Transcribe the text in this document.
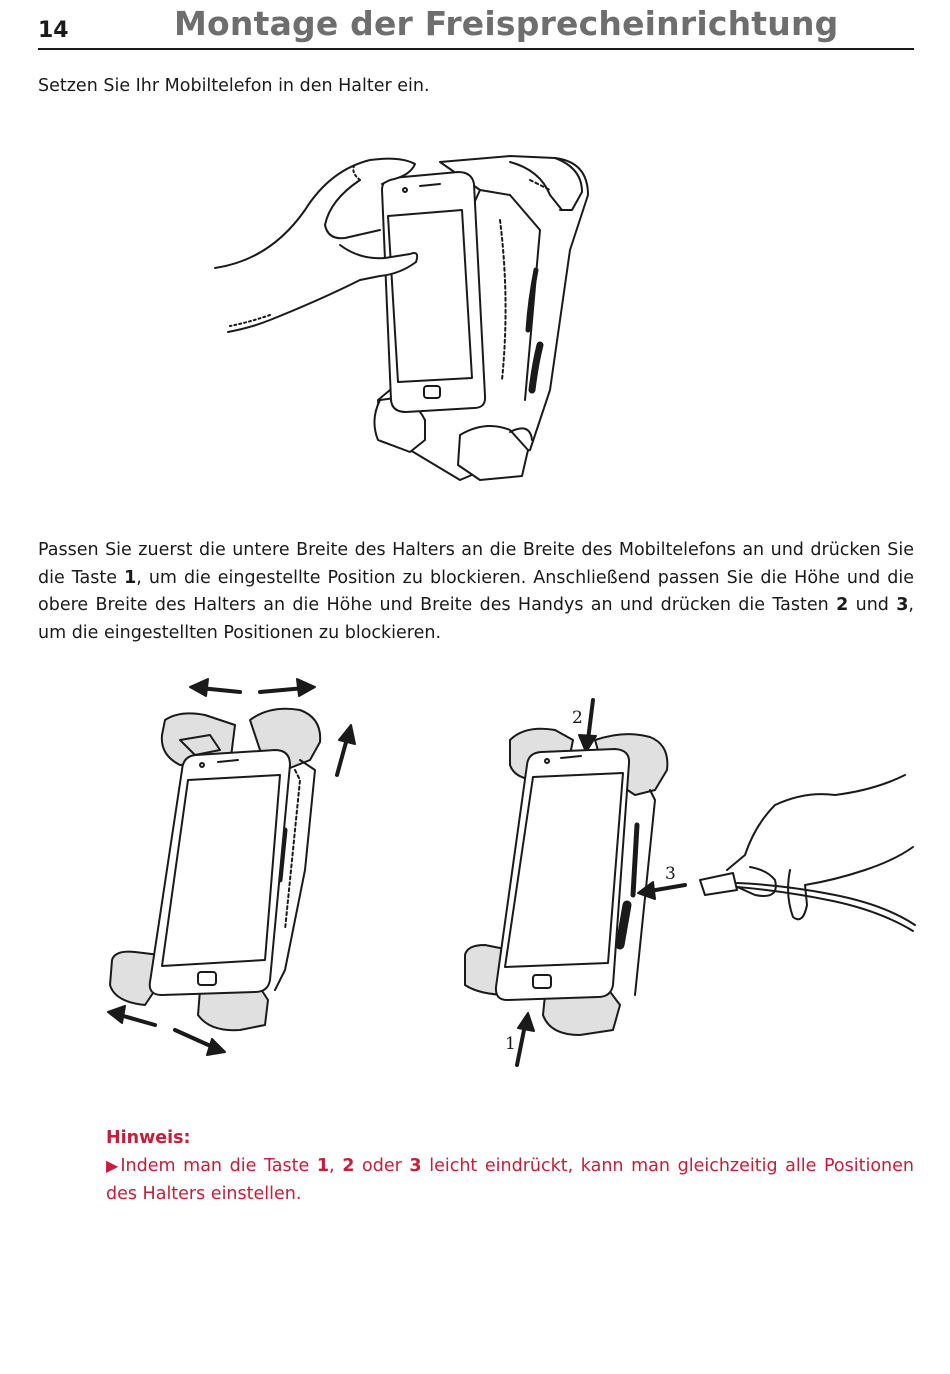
14	Montage der Freisprecheinrichtung
Setzen Sie Ihr Mobiltelefon in den Halter ein.
Passen Sie zuerst die untere Breite des Halters an die Breite des Mobiltelefons an und drücken Sie die Taste 1, um die eingestellte Position zu blockieren. Anschließend passen Sie die Höhe und die obere Breite des Halters an die Höhe und Breite des Handys an und drücken die Tasten 2 und 3, um die eingestellten Positionen zu blockieren.
2
3
1
Hinweis:
▶Indem man die Taste 1, 2 oder 3 leicht eindrückt, kann man gleichzeitig alle Positionen des Halters einstellen.
